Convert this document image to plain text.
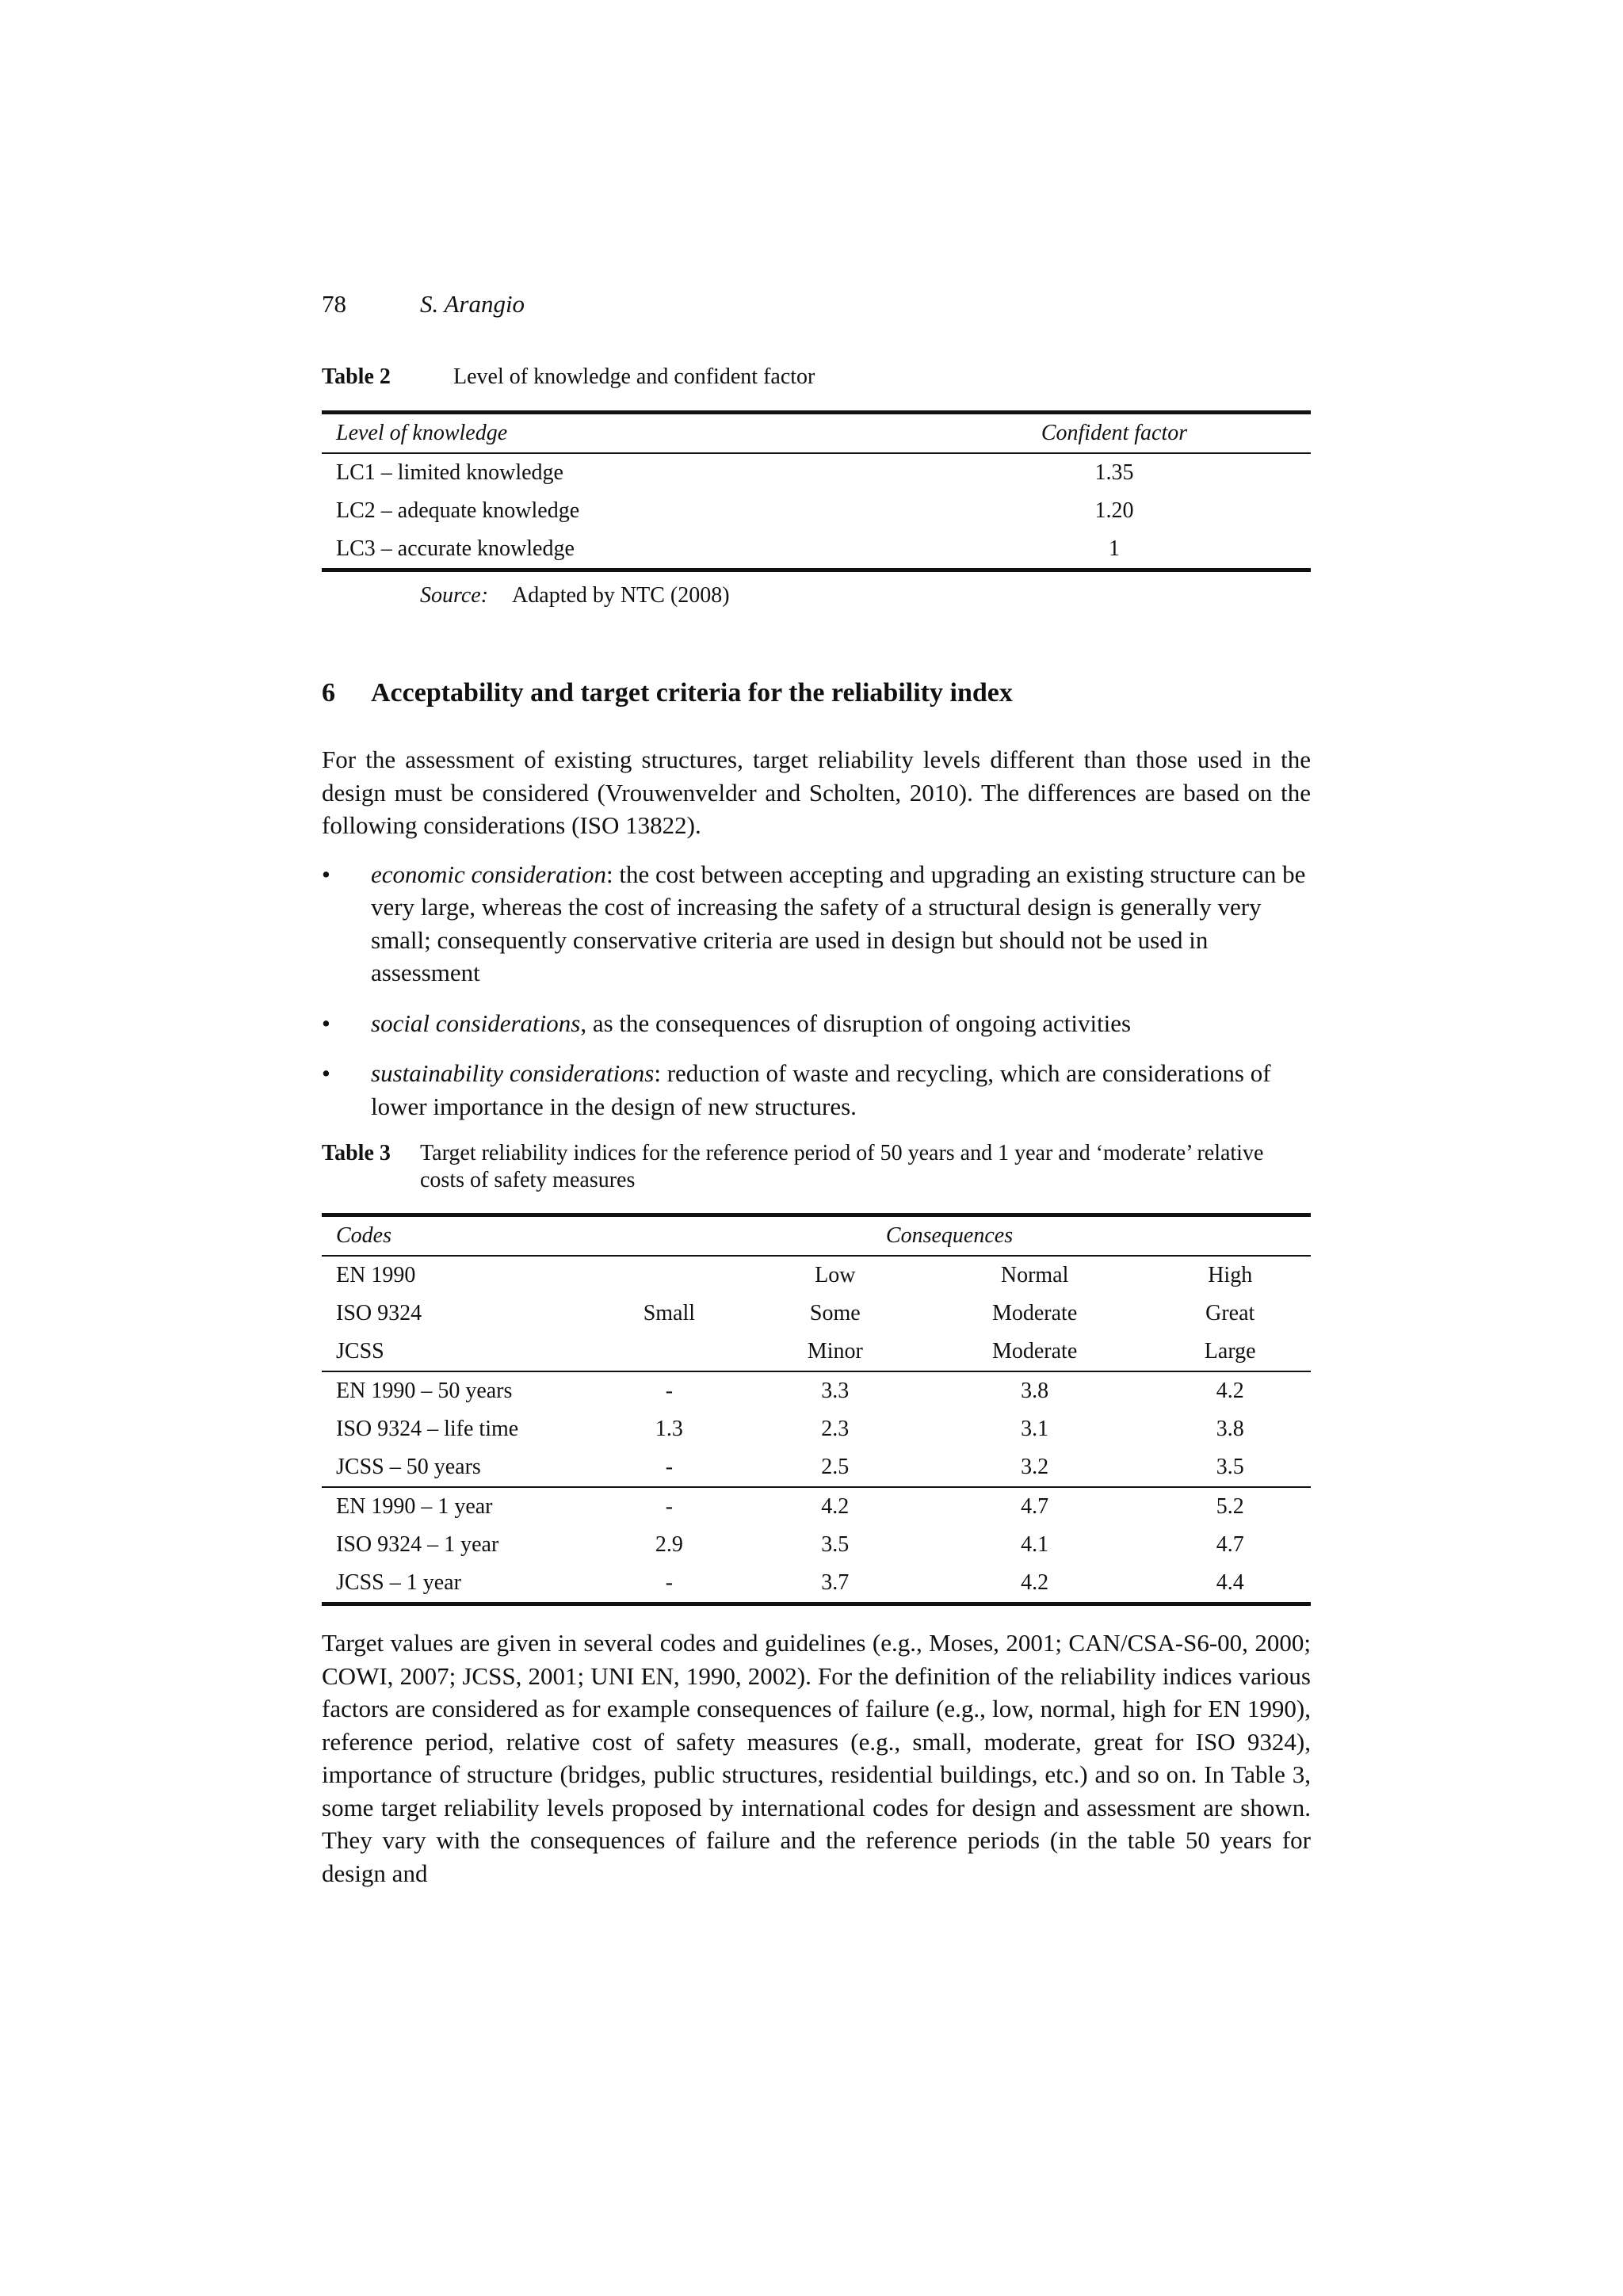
78	S. Arangio
Table 2	Level of knowledge and confident factor
Level of knowledge	Confident factor
LC1 – limited knowledge	1.35
LC2 – adequate knowledge	1.20
LC3 – accurate knowledge	1
Source: Adapted by NTC (2008)
6	Acceptability and target criteria for the reliability index

For the assessment of existing structures, target reliability levels different than those used in the design must be considered (Vrouwenvelder and Scholten, 2010). The differences are based on the following considerations (ISO 13822).

•	economic consideration: the cost between accepting and upgrading an existing structure can be very large, whereas the cost of increasing the safety of a structural design is generally very small; consequently conservative criteria are used in design but should not be used in assessment
•	social considerations, as the consequences of disruption of ongoing activities
•	sustainability considerations: reduction of waste and recycling, which are considerations of lower importance in the design of new structures.
Table 3	Target reliability indices for the reference period of 50 years and 1 year and ‘moderate’ relative costs of safety measures
Codes	Consequences			
EN 1990		Low	Normal	High
ISO 9324	Small	Some	Moderate	Great
JCSS		Minor	Moderate	Large
EN 1990 – 50 years	-	3.3	3.8	4.2
ISO 9324 – life time	1.3	2.3	3.1	3.8
JCSS – 50 years	-	2.5	3.2	3.5
EN 1990 – 1 year	-	4.2	4.7	5.2
ISO 9324 – 1 year	2.9	3.5	4.1	4.7
JCSS – 1 year	-	3.7	4.2	4.4

Target values are given in several codes and guidelines (e.g., Moses, 2001; CAN/CSA-S6-00, 2000; COWI, 2007; JCSS, 2001; UNI EN, 1990, 2002). For the definition of the reliability indices various factors are considered as for example consequences of failure (e.g., low, normal, high for EN 1990), reference period, relative cost of safety measures (e.g., small, moderate, great for ISO 9324), importance of structure (bridges, public structures, residential buildings, etc.) and so on. In Table 3, some target reliability levels proposed by international codes for design and assessment are shown. They vary with the consequences of failure and the reference periods (in the table 50 years for design and
